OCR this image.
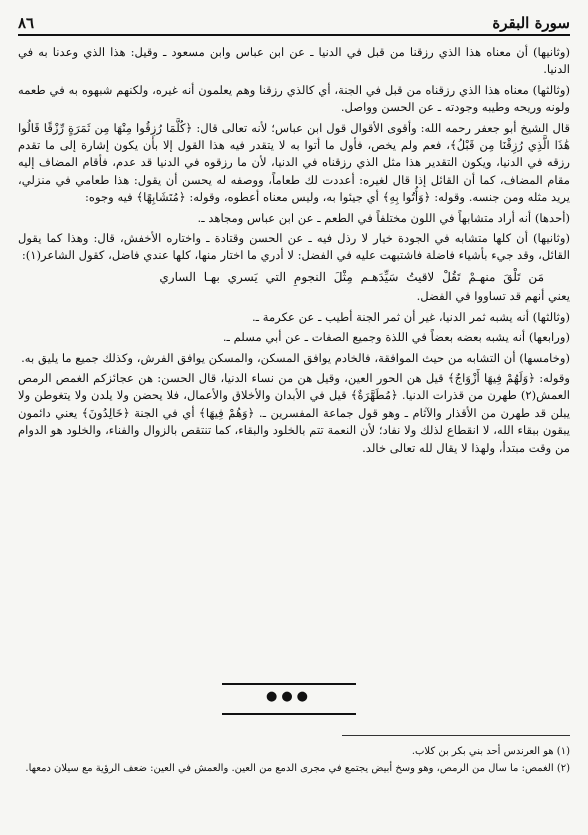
سورة البقرة
٨٦

(وثانيها) أن معناه هذا الذي رزقنا من قبل في الدنيا ـ عن ابن عباس وابن مسعود ـ وقيل: هذا الذي وعدنا به في الدنيا.

(وثالثها) معناه هذا الذي رزقناه من قبل في الجنة، أي كالذي رزقنا وهم يعلمون أنه غيره، ولكنهم شبهوه به في طعمه ولونه وريحه وطيبه وجودته ـ عن الحسن وواصل.

قال الشيخ أبو جعفر رحمه الله: وأقوى الأقوال قول ابن عباس؛ لأنه تعالى قال: ﴿كُلَّمَا رُزِقُوا مِنْهَا مِن ثَمَرَةٍ رِّزْقًا قَالُوا هَٰذَا الَّذِي رُزِقْنَا مِن قَبْلُ﴾، فعم ولم يخص، فأول ما أتوا به لا يتقدر فيه هذا القول إلا بأن يكون إشارة إلى ما تقدم رزقه في الدنيا، ويكون التقدير هذا مثل الذي رزقناه في الدنيا، لأن ما رزقوه في الدنيا قد عدم، فأقام المضاف إليه مقام المضاف، كما أن القائل إذا قال لغيره: أعددت لك طعاماً، ووصفه له يحسن أن يقول: هذا طعامي في منزلي، يريد مثله ومن جنسه. وقوله: ﴿وَأُتُوا بِهِ﴾ أي جيئوا به، وليس معناه أعطوه، وقوله: ﴿مُتَشَابِهًا﴾ فيه وجوه:

(أحدها) أنه أراد متشابهاً في اللون مختلفاً في الطعم ـ عن ابن عباس ومجاهد ـ.

(وثانيها) أن كلها متشابه في الجودة خيار لا رذل فيه ـ عن الحسن وقتادة ـ واختاره الأخفش، قال: وهذا كما يقول القائل، وقد جيء بأشياء فاضلة فاشتبهت عليه في الفضل: لا أدري ما اختار منها، كلها عندي فاضل، كقول الشاعر(١):

مَن تَلْقَ منهـمْ تَقُلْ لاقيتُ سَيِّدَهـم مِثْلَ النجومِ التي يَسري بهـا الساري

يعني أنهم قد تساووا في الفضل.

(وثالثها) أنه يشبه ثمر الدنيا، غير أن ثمر الجنة أطيب ـ عن عكرمة ـ.

(ورابعها) أنه يشبه بعضه بعضاً في اللذة وجميع الصفات ـ عن أبي مسلم ـ.

(وخامسها) أن التشابه من حيث الموافقة، فالخادم يوافق المسكن، والمسكن يوافق الفرش، وكذلك جميع ما يليق به.

وقوله: ﴿وَلَهُمْ فِيهَا أَزْوَاجٌ﴾ قيل هن الحور العين، وقيل هن من نساء الدنيا، قال الحسن: هن عجائزكم الغمص الرمص العمش(٢) طهرن من قذرات الدنيا. ﴿مُطَهَّرَةٌ﴾ قيل في الأبدان والأخلاق والأعمال، فلا يحضن ولا يلدن ولا يتغوطن ولا يبلن قد طهرن من الأقذار والآثام ـ وهو قول جماعة المفسرين ـ. ﴿وَهُمْ فِيهَا﴾ أي في الجنة ﴿خَالِدُونَ﴾ يعني دائمون يبقون ببقاء الله، لا انقطاع لذلك ولا نفاد؛ لأن النعمة تتم بالخلود والبقاء، كما تنتقص بالزوال والفناء، والخلود هو الدوام من وقت مبتدأ، ولهذا لا يقال لله تعالى خالد.

●●●

(١) هو العرندس أحد بني بكر بن كلاب.

(٢) الغمص: ما سال من الرمص، وهو وسخ أبيض يجتمع في مجرى الدمع من العين. والعمش في العين: ضعف الرؤية مع سيلان دمعها.
